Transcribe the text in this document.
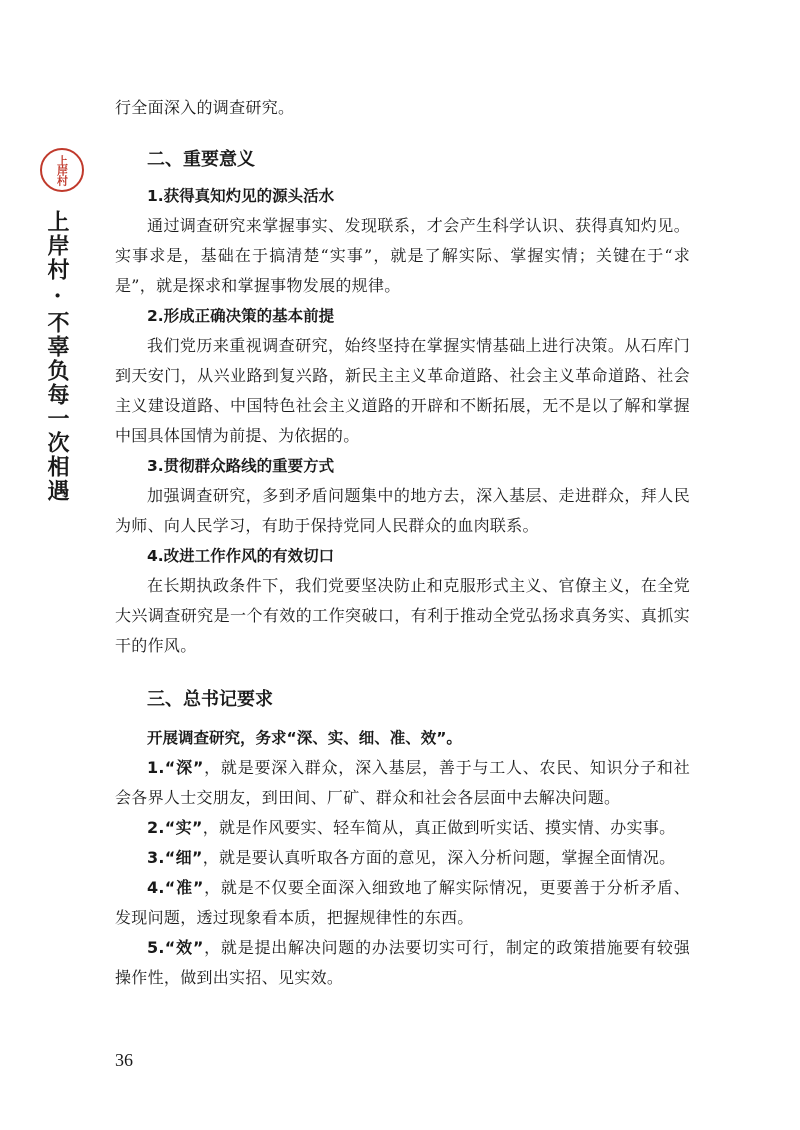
上岸村
上岸村 · 不辜负每一次相遇

行全面深入的调查研究。

二、重要意义
1.获得真知灼见的源头活水

通过调查研究来掌握事实、发现联系，才会产生科学认识、获得真知灼见。实事求是，基础在于搞清楚“实事”，就是了解实际、掌握实情；关键在于“求是”，就是探求和掌握事物发展的规律。

2.形成正确决策的基本前提

我们党历来重视调查研究，始终坚持在掌握实情基础上进行决策。从石库门到天安门，从兴业路到复兴路，新民主主义革命道路、社会主义革命道路、社会主义建设道路、中国特色社会主义道路的开辟和不断拓展，无不是以了解和掌握中国具体国情为前提、为依据的。

3.贯彻群众路线的重要方式

加强调查研究，多到矛盾问题集中的地方去，深入基层、走进群众，拜人民为师、向人民学习，有助于保持党同人民群众的血肉联系。

4.改进工作作风的有效切口

在长期执政条件下，我们党要坚决防止和克服形式主义、官僚主义，在全党大兴调查研究是一个有效的工作突破口，有利于推动全党弘扬求真务实、真抓实干的作风。

三、总书记要求

开展调查研究，务求“深、实、细、准、效”。

1.“深”，就是要深入群众，深入基层，善于与工人、农民、知识分子和社会各界人士交朋友，到田间、厂矿、群众和社会各层面中去解决问题。

2.“实”，就是作风要实、轻车简从，真正做到听实话、摸实情、办实事。

3.“细”，就是要认真听取各方面的意见，深入分析问题，掌握全面情况。

4.“准”，就是不仅要全面深入细致地了解实际情况，更要善于分析矛盾、发现问题，透过现象看本质，把握规律性的东西。

5.“效”，就是提出解决问题的办法要切实可行，制定的政策措施要有较强操作性，做到出实招、见实效。

36
